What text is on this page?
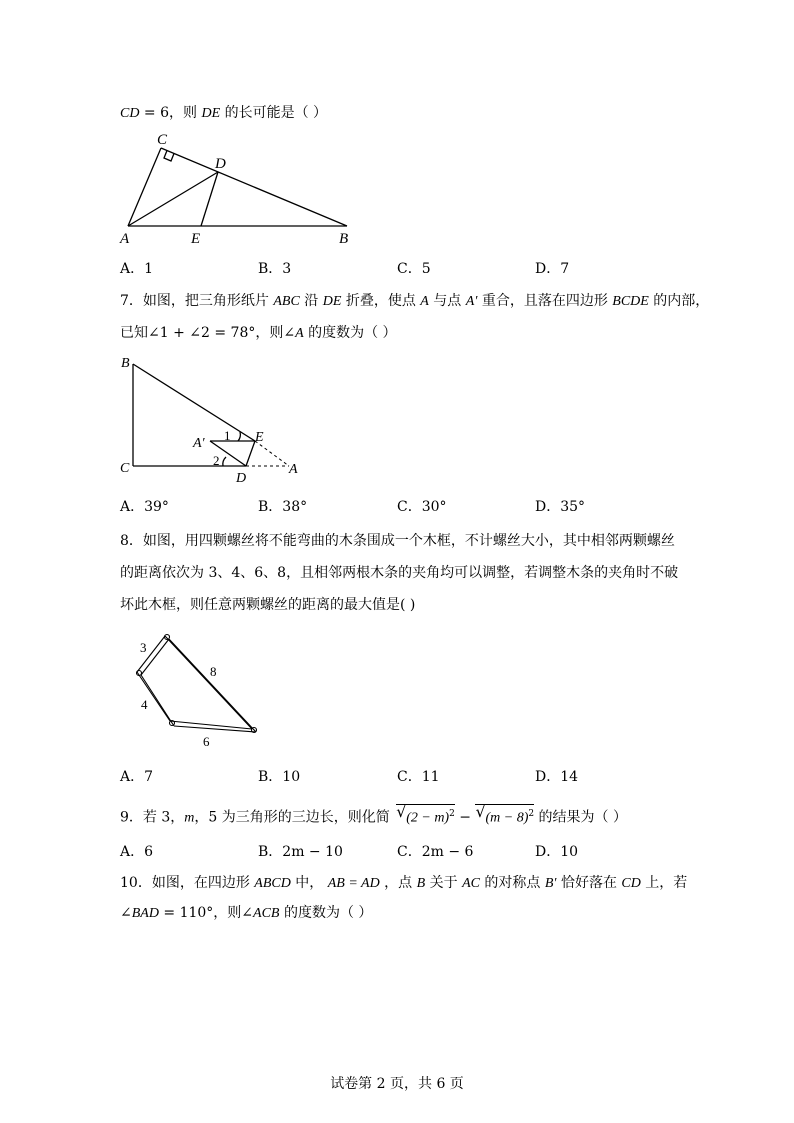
CD = 6，则 DE 的长可能是（ ）
C
D
A	E	B
A．1	B．3	C．5	D．7
7．如图，把三角形纸片 ABC 沿 DE 折叠，使点 A 与点 A′ 重合，且落在四边形 BCDE 的内部，
已知∠1 + ∠2 = 78°，则∠A 的度数为（ ）
B
C
A′	E
D
A
1
2
A．39°	B．38°	C．30°	D．35°
8．如图，用四颗螺丝将不能弯曲的木条围成一个木框，不计螺丝大小，其中相邻两颗螺丝
的距离依次为 3、4、6、8，且相邻两根木条的夹角均可以调整，若调整木条的夹角时不破
坏此木框，则任意两颗螺丝的距离的最大值是( )
3
8
4
6
A．7	B．10	C．11	D．14
9．若 3，m，5 为三角形的三边长，则化简 √ $(2 - m)^2$ − √ $(m - 8)^2$ 的结果为（ ）
A．6	B．2m − 10	C．2m − 6	D．10
10．如图，在四边形 ABCD 中， AB = AD ，点 B 关于 AC 的对称点 B′ 恰好落在 CD 上，若
∠BAD = 110°，则∠ACB 的度数为（ ）
试卷第 2 页，共 6 页
